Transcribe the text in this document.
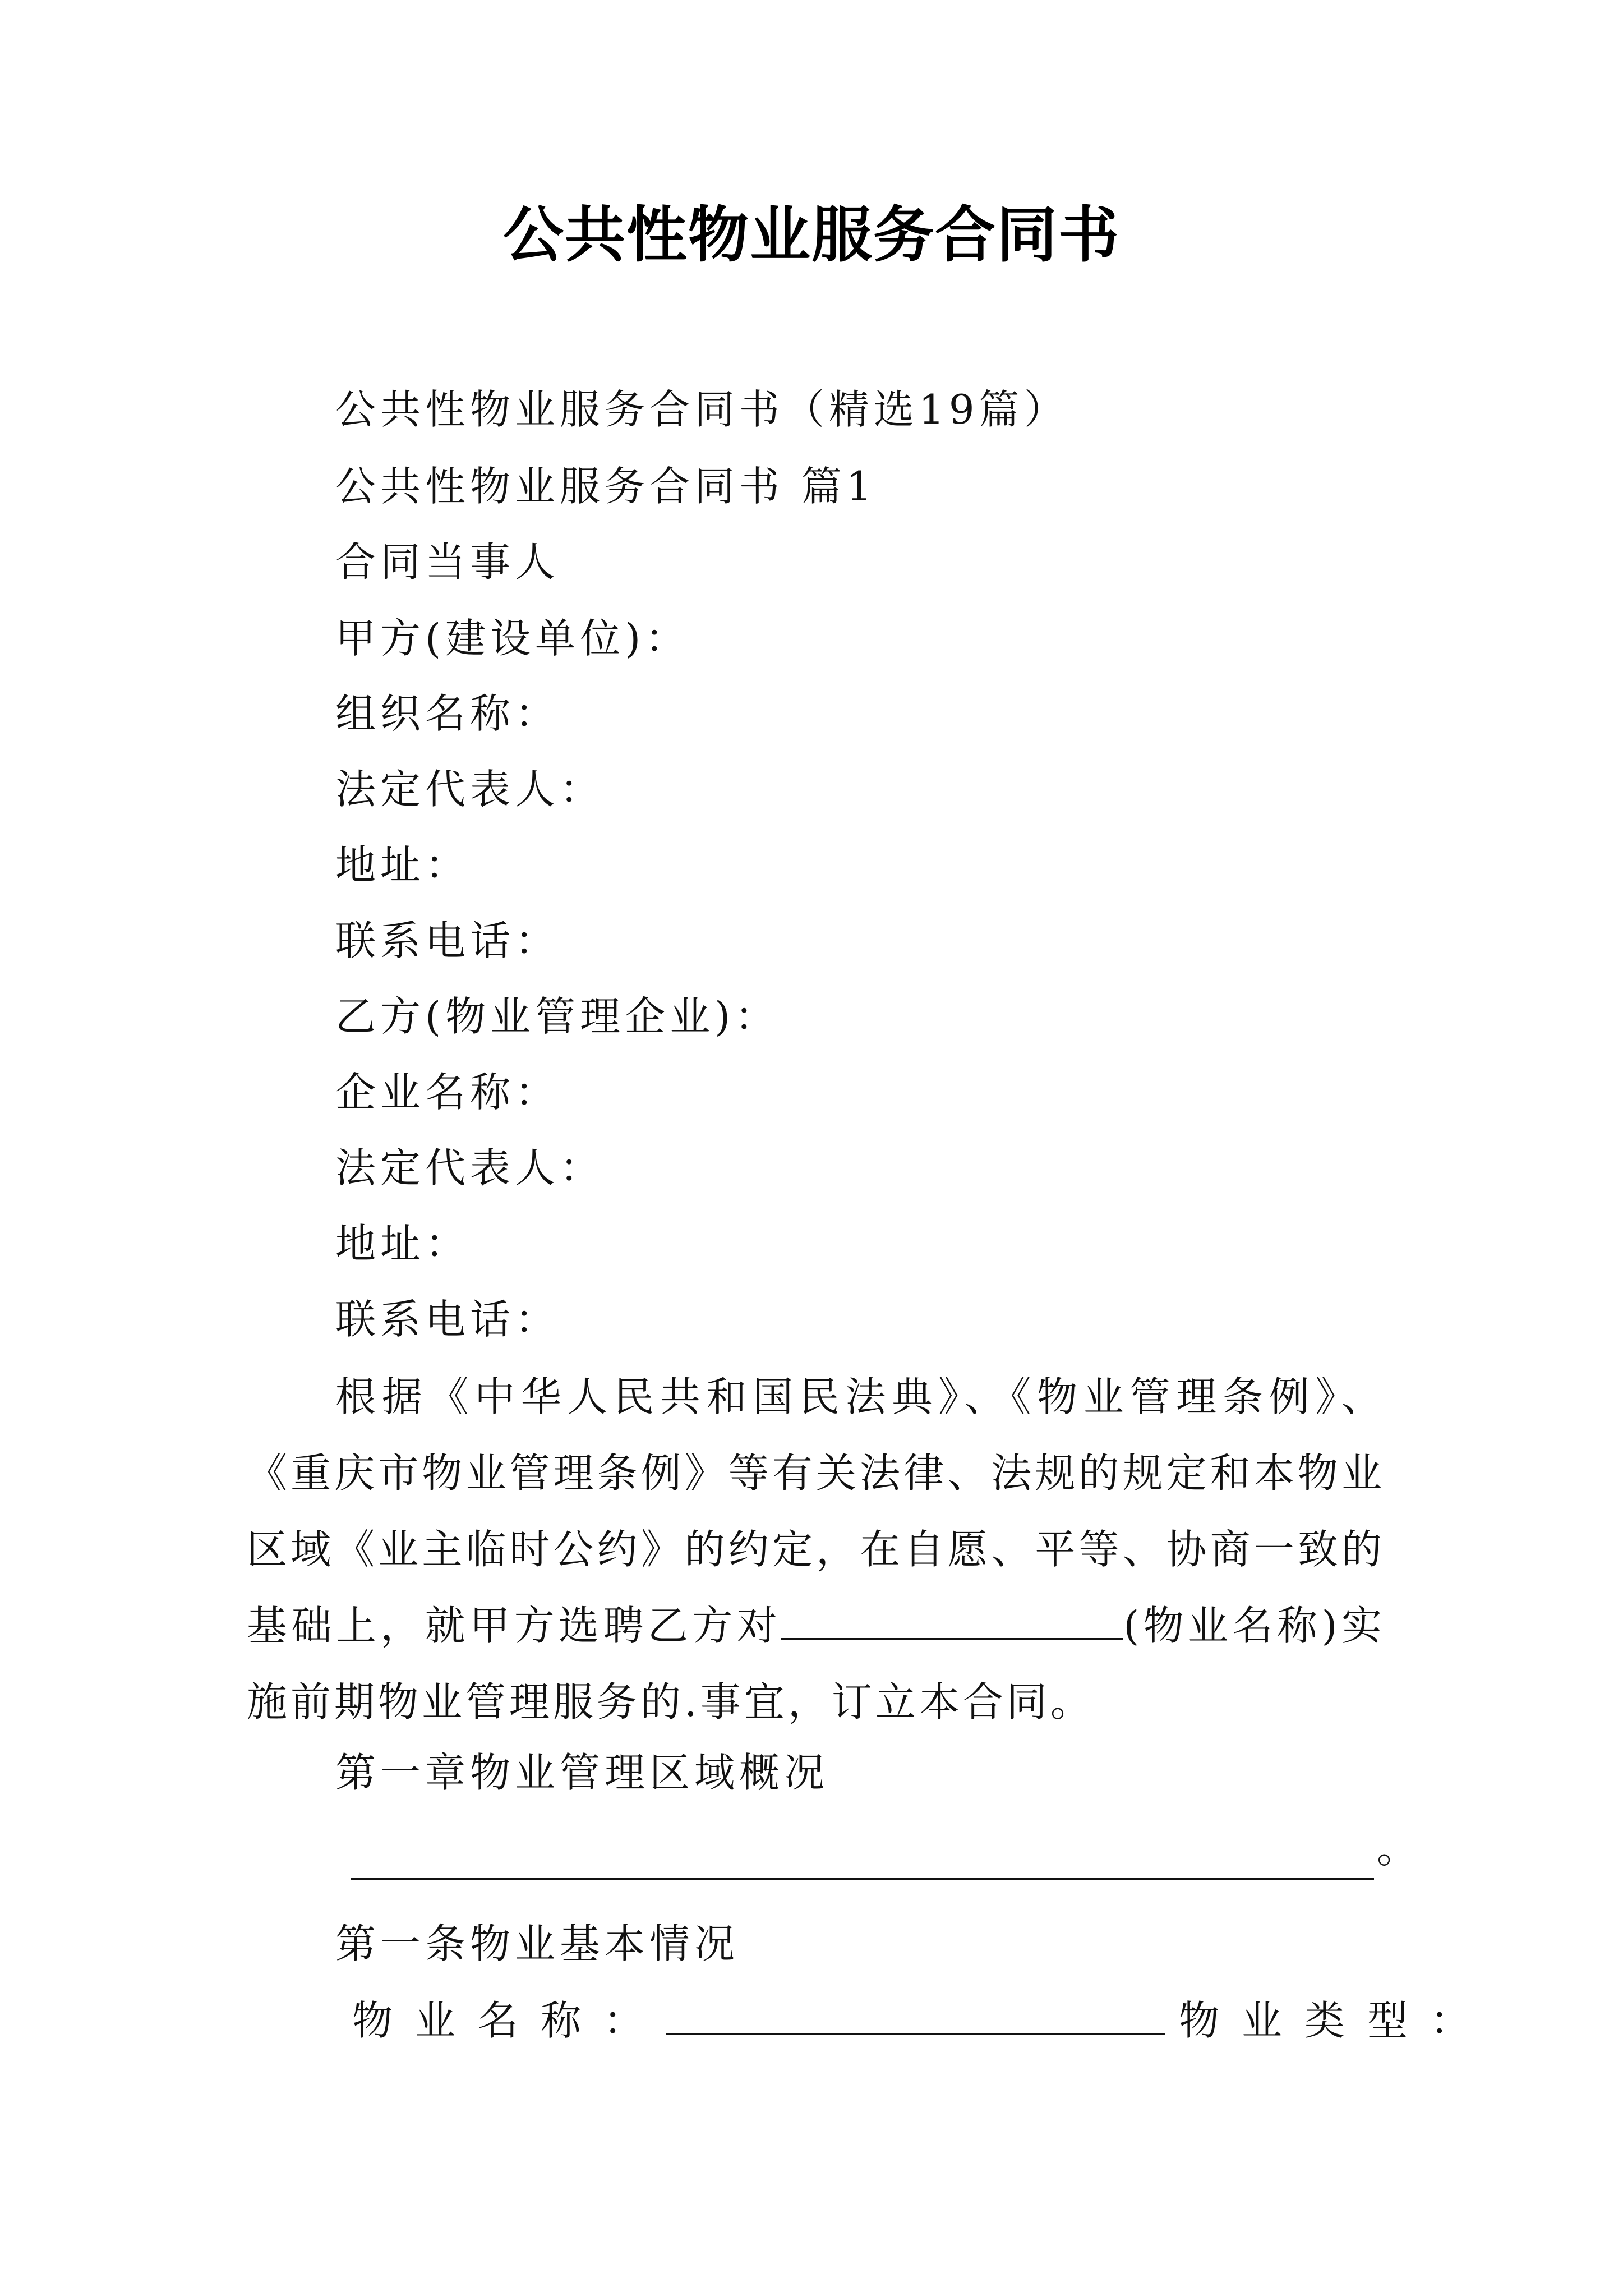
公共性物业服务合同书
公共性物业服务合同书（精选19篇）
公共性物业服务合同书 篇1
合同当事人
甲方(建设单位)：
组织名称：
法定代表人：
地址：
联系电话：
乙方(物业管理企业)：
企业名称：
法定代表人：
地址：
联系电话：
根据《中华人民共和国民法典》、《物业管理条例》、《重庆市物业管理条例》等有关法律、法规的规定和本物业区域《业主临时公约》的约定，在自愿、平等、协商一致的基础上，就甲方选聘乙方对	(物业名称)实施前期物业管理服务的.事宜，订立本合同。
第一章物业管理区域概况
。
第一条物业基本情况
物业名称：	物业类型：
